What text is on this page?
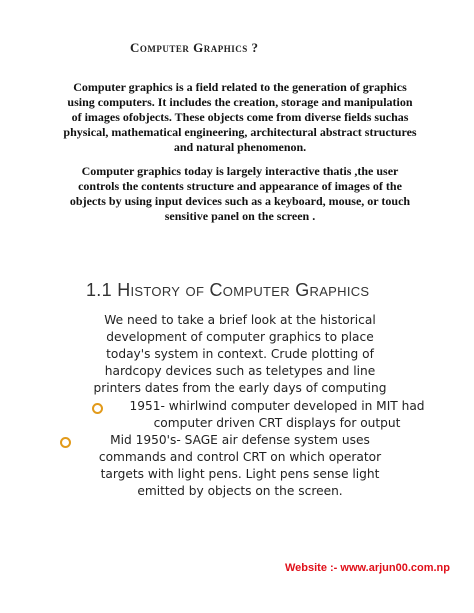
Computer Graphics ?
Computer graphics is a field related to the generation of graphics
using computers. It includes the creation, storage and manipulation
of images ofobjects. These objects come from diverse fields suchas
physical, mathematical engineering, architectural abstract structures
and natural phenomenon.
Computer graphics today is largely interactive thatis ,the user
controls the contents structure and appearance of images of the
objects by using input devices such as a keyboard, mouse, or touch
sensitive panel on the screen .
1.1 History of Computer Graphics
We need to take a brief look at the historical
development of computer graphics to place
today's system in context. Crude plotting of
hardcopy devices such as teletypes and line
printers dates from the early days of computing
1951- whirlwind computer developed in MIT had
computer driven CRT displays for output
Mid 1950's- SAGE air defense system uses
commands and control CRT on which operator
targets with light pens. Light pens sense light
emitted by objects on the screen.
Website :- www.arjun00.com.np
